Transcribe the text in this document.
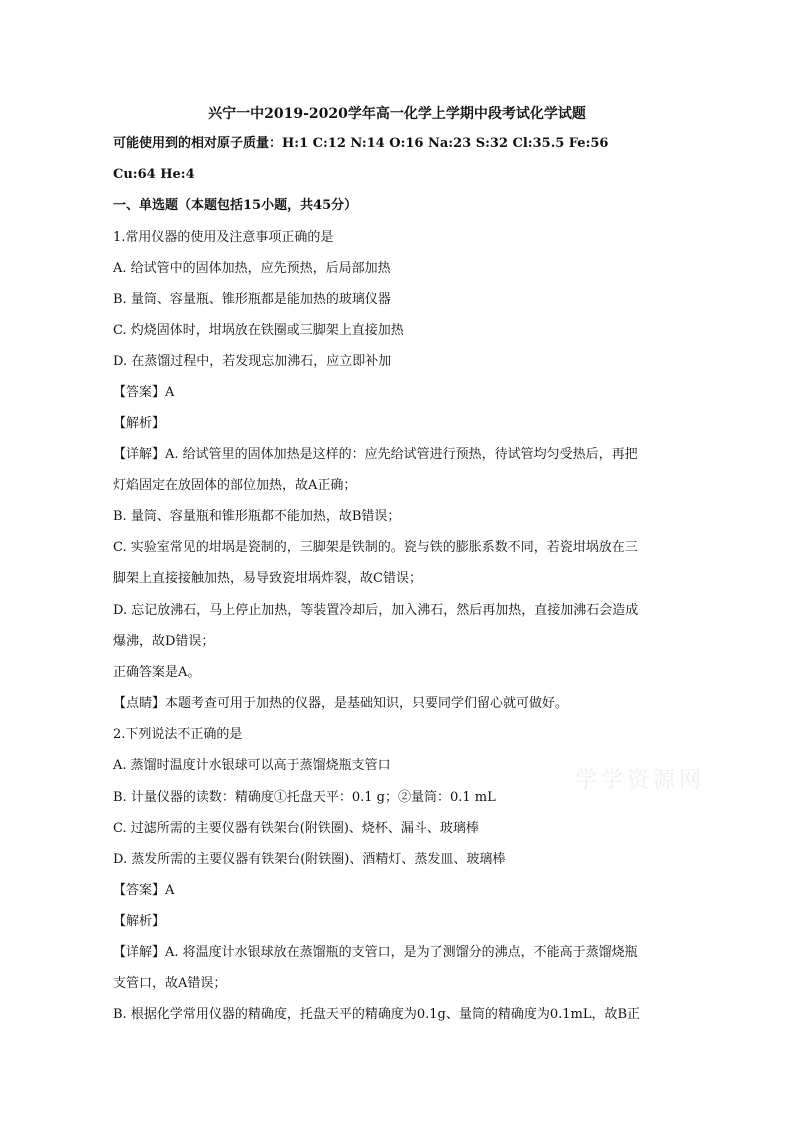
学学资源网
兴宁一中2019-2020学年高一化学上学期中段考试化学试题
可能使用到的相对原子质量：H:1 C:12 N:14 O:16 Na:23 S:32 Cl:35.5 Fe:56
Cu:64 He:4
一、单选题（本题包括15小题，共45分）
1.常用仪器的使用及注意事项正确的是
A. 给试管中的固体加热，应先预热，后局部加热
B. 量筒、容量瓶、锥形瓶都是能加热的玻璃仪器
C. 灼烧固体时，坩埚放在铁圈或三脚架上直接加热
D. 在蒸馏过程中，若发现忘加沸石，应立即补加
【答案】A
【解析】
【详解】A. 给试管里的固体加热是这样的：应先给试管进行预热，待试管均匀受热后，再把
灯焰固定在放固体的部位加热，故A正确；
B. 量筒、容量瓶和锥形瓶都不能加热，故B错误；
C. 实验室常见的坩埚是瓷制的，三脚架是铁制的。瓷与铁的膨胀系数不同，若瓷坩埚放在三
脚架上直接接触加热，易导致瓷坩埚炸裂，故C错误；
D. 忘记放沸石，马上停止加热，等装置冷却后，加入沸石，然后再加热，直接加沸石会造成
爆沸，故D错误；
正确答案是A。
【点睛】本题考查可用于加热的仪器，是基础知识，只要同学们留心就可做好。
2.下列说法不正确的是
A. 蒸馏时温度计水银球可以高于蒸馏烧瓶支管口
B. 计量仪器的读数：精确度①托盘天平：0.1 g；②量筒：0.1 mL
C. 过滤所需的主要仪器有铁架台(附铁圈)、烧杯、漏斗、玻璃棒
D. 蒸发所需的主要仪器有铁架台(附铁圈)、酒精灯、蒸发皿、玻璃棒
【答案】A
【解析】
【详解】A. 将温度计水银球放在蒸馏瓶的支管口，是为了测馏分的沸点，不能高于蒸馏烧瓶
支管口，故A错误；
B. 根据化学常用仪器的精确度，托盘天平的精确度为0.1g、量筒的精确度为0.1mL，故B正
